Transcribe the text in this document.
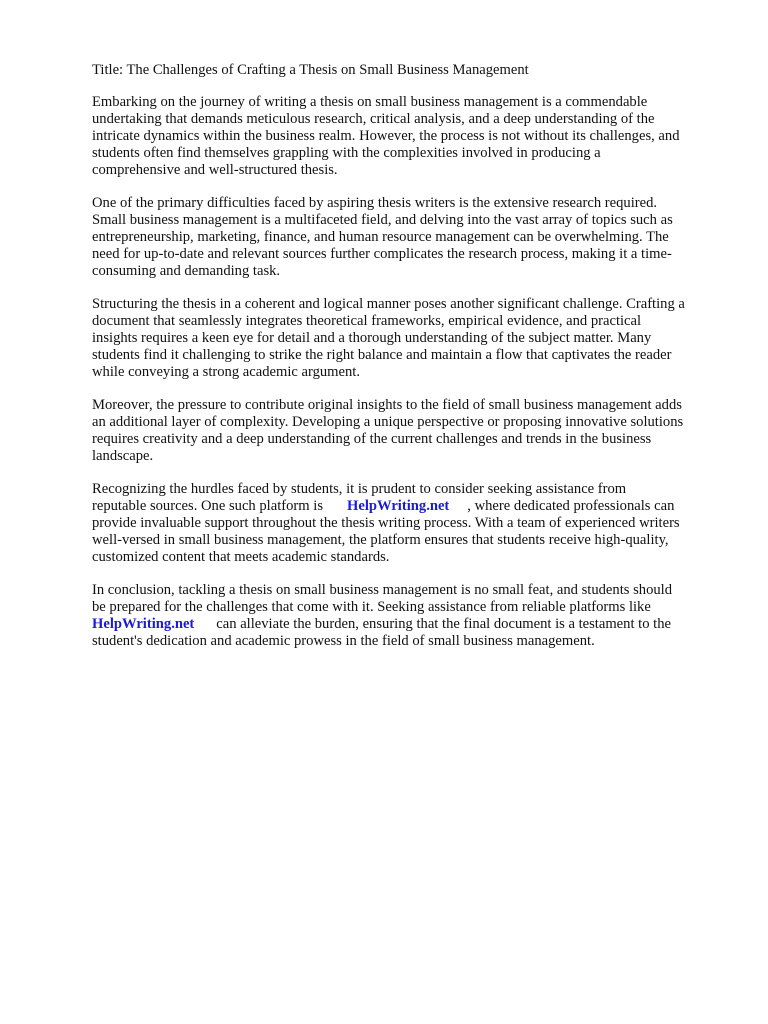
Title: The Challenges of Crafting a Thesis on Small Business Management

Embarking on the journey of writing a thesis on small business management is a commendable

undertaking that demands meticulous research, critical analysis, and a deep understanding of the

intricate dynamics within the business realm. However, the process is not without its challenges, and

students often find themselves grappling with the complexities involved in producing a

comprehensive and well-structured thesis.

One of the primary difficulties faced by aspiring thesis writers is the extensive research required.

Small business management is a multifaceted field, and delving into the vast array of topics such as

entrepreneurship, marketing, finance, and human resource management can be overwhelming. The

need for up-to-date and relevant sources further complicates the research process, making it a time-

consuming and demanding task.

Structuring the thesis in a coherent and logical manner poses another significant challenge. Crafting a

document that seamlessly integrates theoretical frameworks, empirical evidence, and practical

insights requires a keen eye for detail and a thorough understanding of the subject matter. Many

students find it challenging to strike the right balance and maintain a flow that captivates the reader

while conveying a strong academic argument.

Moreover, the pressure to contribute original insights to the field of small business management adds

an additional layer of complexity. Developing a unique perspective or proposing innovative solutions

requires creativity and a deep understanding of the current challenges and trends in the business

landscape.

Recognizing the hurdles faced by students, it is prudent to consider seeking assistance from

reputable sources. One such platform is HelpWriting.net , where dedicated professionals can

provide invaluable support throughout the thesis writing process. With a team of experienced writers

well-versed in small business management, the platform ensures that students receive high-quality,

customized content that meets academic standards.

In conclusion, tackling a thesis on small business management is no small feat, and students should

be prepared for the challenges that come with it. Seeking assistance from reliable platforms like

HelpWriting.net can alleviate the burden, ensuring that the final document is a testament to the

student's dedication and academic prowess in the field of small business management.
